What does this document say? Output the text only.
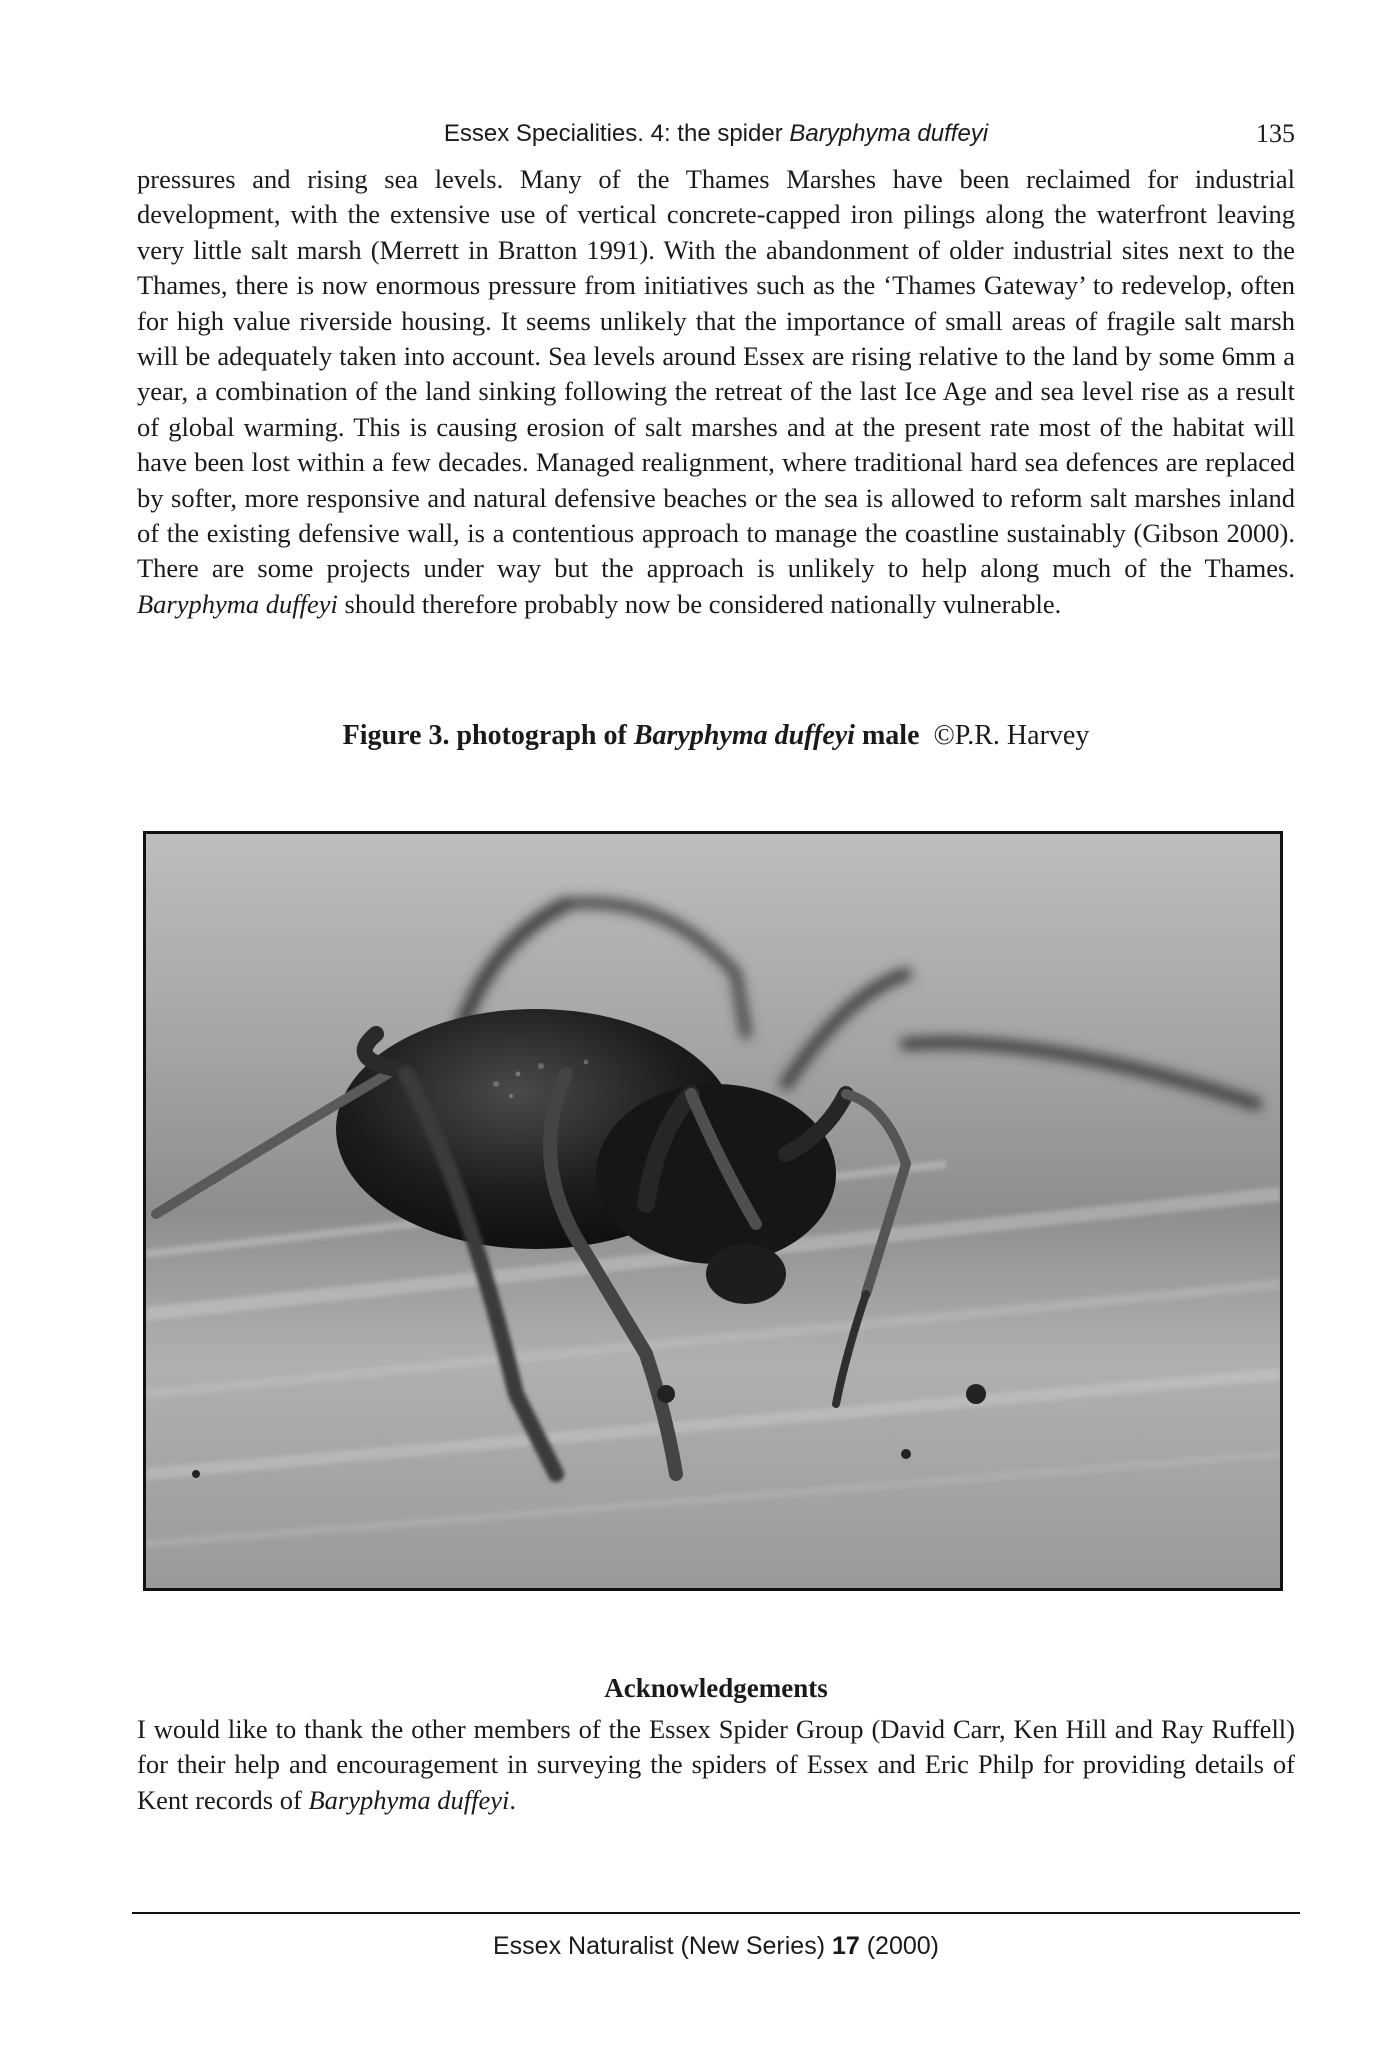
Essex Specialities. 4: the spider Baryphyma duffeyi	135

pressures and rising sea levels. Many of the Thames Marshes have been reclaimed for industrial development, with the extensive use of vertical concrete-capped iron pilings along the waterfront leaving very little salt marsh (Merrett in Bratton 1991). With the abandonment of older industrial sites next to the Thames, there is now enormous pressure from initiatives such as the ‘Thames Gateway’ to redevelop, often for high value riverside housing. It seems unlikely that the importance of small areas of fragile salt marsh will be adequately taken into account. Sea levels around Essex are rising relative to the land by some 6mm a year, a combination of the land sinking following the retreat of the last Ice Age and sea level rise as a result of global warming. This is causing erosion of salt marshes and at the present rate most of the habitat will have been lost within a few decades. Managed realignment, where traditional hard sea defences are replaced by softer, more responsive and natural defensive beaches or the sea is allowed to reform salt marshes inland of the existing defensive wall, is a contentious approach to manage the coastline sustainably (Gibson 2000). There are some projects under way but the approach is unlikely to help along much of the Thames. Baryphyma duffeyi should therefore probably now be considered nationally vulnerable.

Figure 3. photograph of Baryphyma duffeyi male ©P.R. Harvey
Acknowledgements

I would like to thank the other members of the Essex Spider Group (David Carr, Ken Hill and Ray Ruffell) for their help and encouragement in surveying the spiders of Essex and Eric Philp for providing details of Kent records of Baryphyma duffeyi.

Essex Naturalist (New Series) 17 (2000)
